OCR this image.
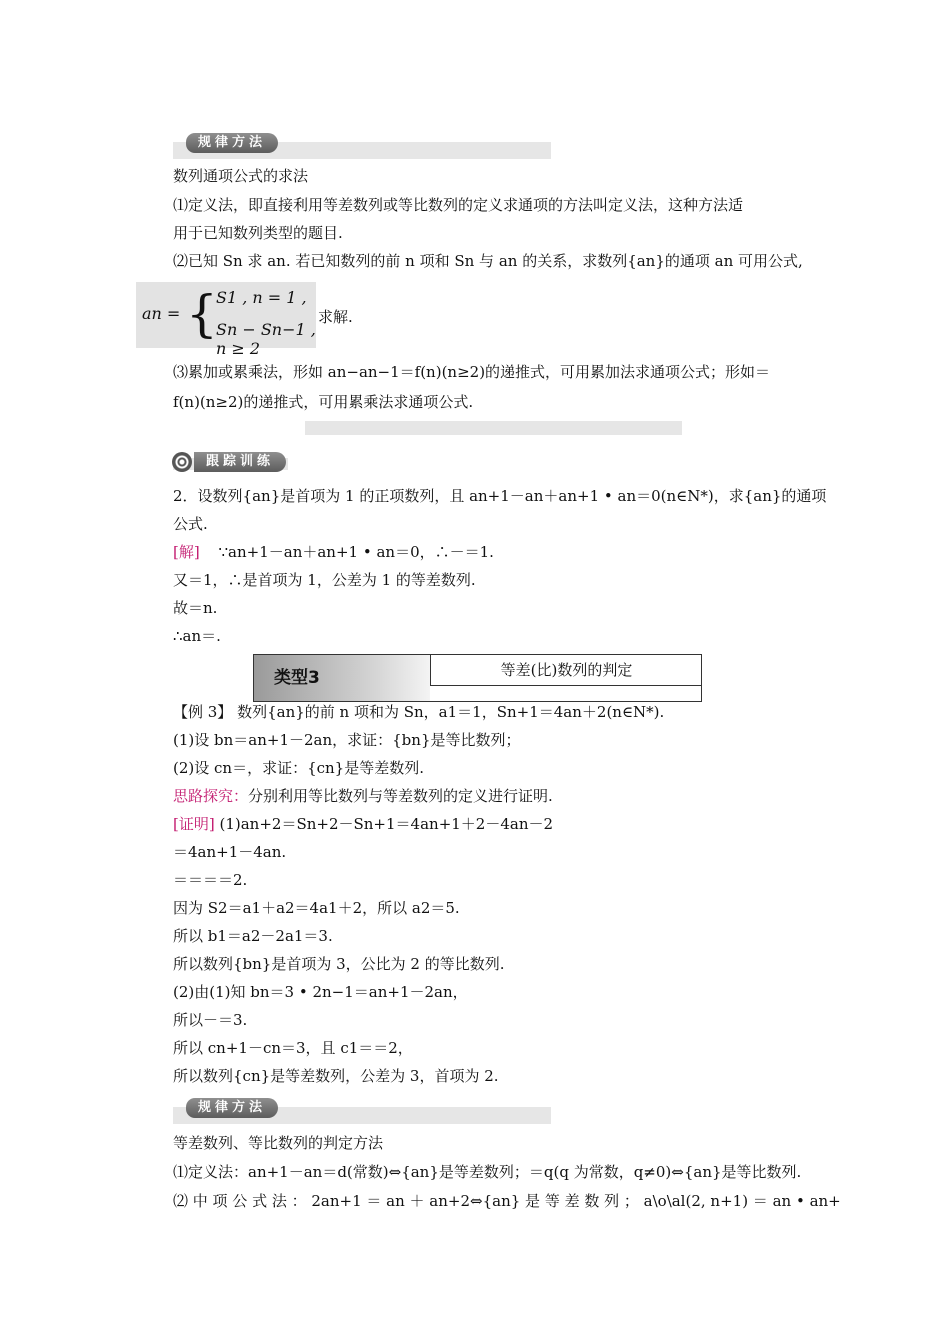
规律方法
数列通项公式的求法
⑴定义法，即直接利用等差数列或等比数列的定义求通项的方法叫定义法，这种方法适
用于已知数列类型的题目.
⑵已知 Sn 求 an. 若已知数列的前 n 项和 Sn 与 an 的关系，求数列{an}的通项 an 可用公式,
an = {
S1 , n = 1 ,
Sn − Sn−1 , n ≥ 2
求解.
⑶累加或累乘法，形如 an−an−1＝f(n)(n≥2)的递推式，可用累加法求通项公式；形如＝
f(n)(n≥2)的递推式，可用累乘法求通项公式.
跟踪训练
2．设数列{an}是首项为 1 的正项数列，且 an+1－an＋an+1 • an＝0(n∈N*)，求{an}的通项
公式.
[解] ∵an+1－an＋an+1 • an＝0，∴－＝1.
又＝1，∴是首项为 1，公差为 1 的等差数列.
故＝n.
∴an＝.
类型3	等差(比)数列的判定
【例 3】 数列{an}的前 n 项和为 Sn，a1＝1，Sn+1＝4an＋2(n∈N*).
(1)设 bn＝an+1－2an，求证：{bn}是等比数列；
(2)设 cn＝，求证：{cn}是等差数列.
思路探究：分别利用等比数列与等差数列的定义进行证明.
[证明] (1)an+2＝Sn+2－Sn+1＝4an+1＋2－4an－2
＝4an+1－4an.
＝＝＝＝2.
因为 S2＝a1＋a2＝4a1＋2，所以 a2＝5.
所以 b1＝a2－2a1＝3.
所以数列{bn}是首项为 3，公比为 2 的等比数列.
(2)由(1)知 bn＝3 • 2n−1＝an+1－2an，
所以－＝3.
所以 cn+1－cn＝3，且 c1＝＝2，
所以数列{cn}是等差数列，公差为 3，首项为 2.
规律方法
等差数列、等比数列的判定方法
⑴定义法：an+1－an＝d(常数)⇔{an}是等差数列；＝q(q 为常数，q≠0)⇔{an}是等比数列.
⑵ 中 项 公 式 法 ： 2an+1 ＝ an ＋ an+2⇔{an} 是 等 差 数 列 ； a\o\al(2, n+1) ＝ an • an+
